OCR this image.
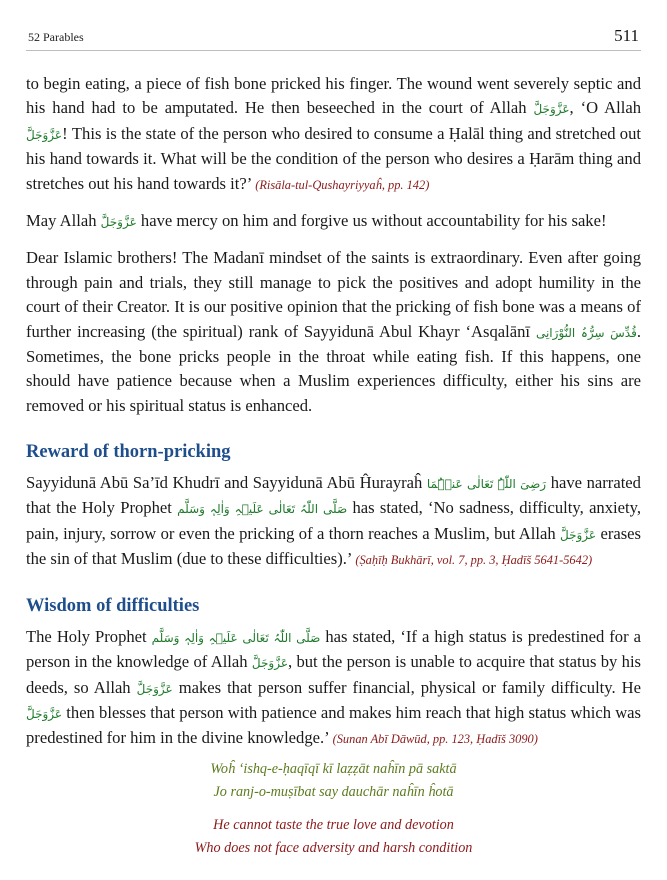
52 Parables	511

to begin eating, a piece of fish bone pricked his finger. The wound went severely septic and his hand had to be amputated. He then beseeched in the court of Allah عَزَّوَجَلَّ, ‘O Allah عَزَّوَجَلَّ! This is the state of the person who desired to consume a Ḥalāl thing and stretched out his hand towards it. What will be the condition of the person who desires a Ḥarām thing and stretches out his hand towards it?’ (Risāla-tul-Qushayriyyaĥ, pp. 142)

May Allah عَزَّوَجَلَّ have mercy on him and forgive us without accountability for his sake!

Dear Islamic brothers! The Madanī mindset of the saints is extraordinary. Even after going through pain and trials, they still manage to pick the positives and adopt humility in the court of their Creator. It is our positive opinion that the pricking of fish bone was a means of further increasing (the spiritual) rank of Sayyidunā Abul Khayr ‘Asqalānī قُدِّسَ سِرُّہُ النُّوْرَانِی. Sometimes, the bone pricks people in the throat while eating fish. If this happens, one should have patience because when a Muslim experiences difficulty, either his sins are removed or his spiritual status is enhanced.

Reward of thorn-pricking

Sayyidunā Abū Sa’īd Khudrī and Sayyidunā Abū Ĥurayraĥ رَضِیَ اللّٰہُ تَعَالٰی عَنۡہُمَا have narrated that the Holy Prophet صَلَّی اللّٰہُ تَعَالٰی عَلَیۡہِ وَاٰلِہٖ وَسَلَّم has stated, ‘No sadness, difficulty, anxiety, pain, injury, sorrow or even the pricking of a thorn reaches a Muslim, but Allah عَزَّوَجَلَّ erases the sin of that Muslim (due to these difficulties).’ (Ṣaḥīḥ Bukhārī, vol. 7, pp. 3, Ḥadīš 5641-5642)

Wisdom of difficulties

The Holy Prophet صَلَّی اللّٰہُ تَعَالٰی عَلَیۡہِ وَاٰلِہٖ وَسَلَّم has stated, ‘If a high status is predestined for a person in the knowledge of Allah عَزَّوَجَلَّ, but the person is unable to acquire that status by his deeds, so Allah عَزَّوَجَلَّ makes that person suffer financial, physical or family difficulty. He عَزَّوَجَلَّ then blesses that person with patience and makes him reach that high status which was predestined for him in the divine knowledge.’ (Sunan Abī Dāwūd, pp. 123, Ḥadīš 3090)

Woĥ ‘ishq-e-ḥaqīqī kī laẓẓāt naĥīn pā saktā
Jo ranj-o-muṣībat say dauchār naĥīn ĥotā
He cannot taste the true love and devotion
Who does not face adversity and harsh condition
